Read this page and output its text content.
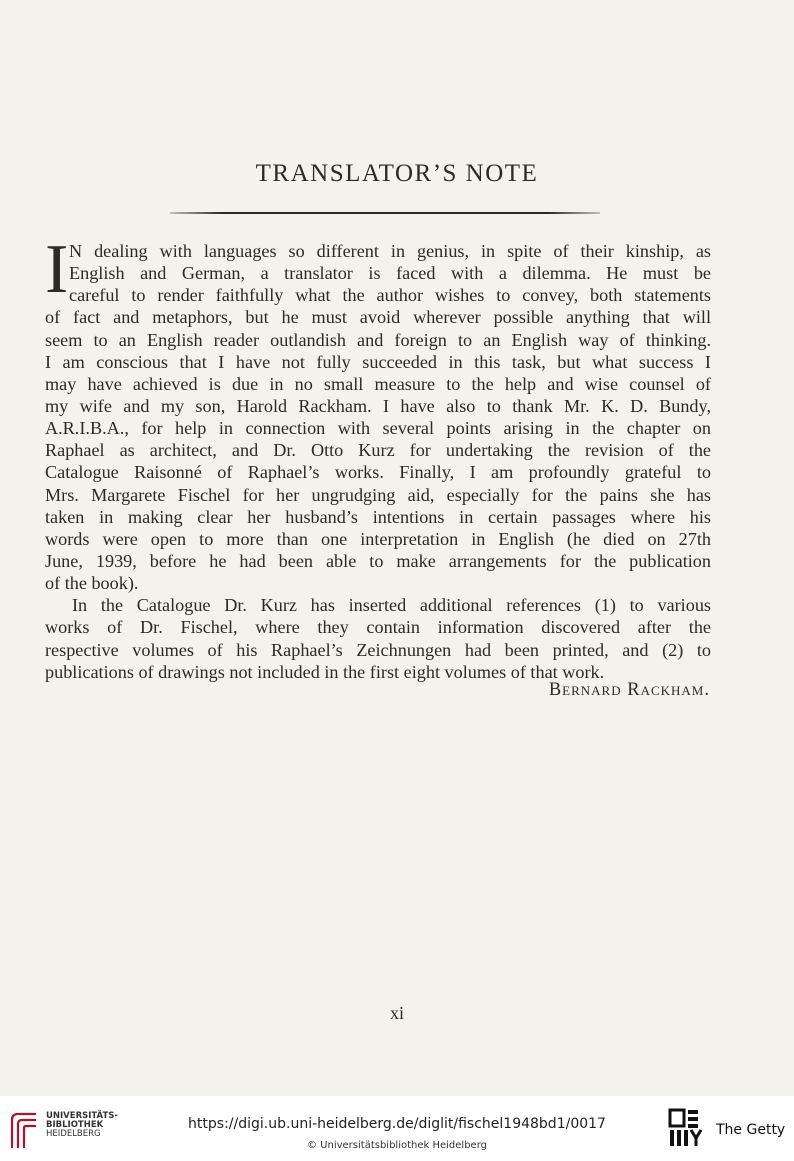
TRANSLATOR’S NOTE
I N dealing with languages so different in genius, in spite of their kinship, as
English and German, a translator is faced with a dilemma. He must be
careful to render faithfully what the author wishes to convey, both statements
of fact and metaphors, but he must avoid wherever possible anything that will
seem to an English reader outlandish and foreign to an English way of thinking.
I am conscious that I have not fully succeeded in this task, but what success I
may have achieved is due in no small measure to the help and wise counsel of
my wife and my son, Harold Rackham. I have also to thank Mr. K. D. Bundy,
A.R.I.B.A., for help in connection with several points arising in the chapter on
Raphael as architect, and Dr. Otto Kurz for undertaking the revision of the
Catalogue Raisonné of Raphael’s works. Finally, I am profoundly grateful to
Mrs. Margarete Fischel for her ungrudging aid, especially for the pains she has
taken in making clear her husband’s intentions in certain passages where his
words were open to more than one interpretation in English (he died on 27th
June, 1939, before he had been able to make arrangements for the publication
of the book).
In the Catalogue Dr. Kurz has inserted additional references (1) to various
works of Dr. Fischel, where they contain information discovered after the
respective volumes of his Raphael’s Zeichnungen had been printed, and (2) to
publications of drawings not included in the first eight volumes of that work.
Bernard Rackham.
xi
UNIVERSITÄTS-
BIBLIOTHEK
HEIDELBERG
https://digi.ub.uni-heidelberg.de/diglit/fischel1948bd1/0017
© Universitätsbibliothek Heidelberg
The Getty
